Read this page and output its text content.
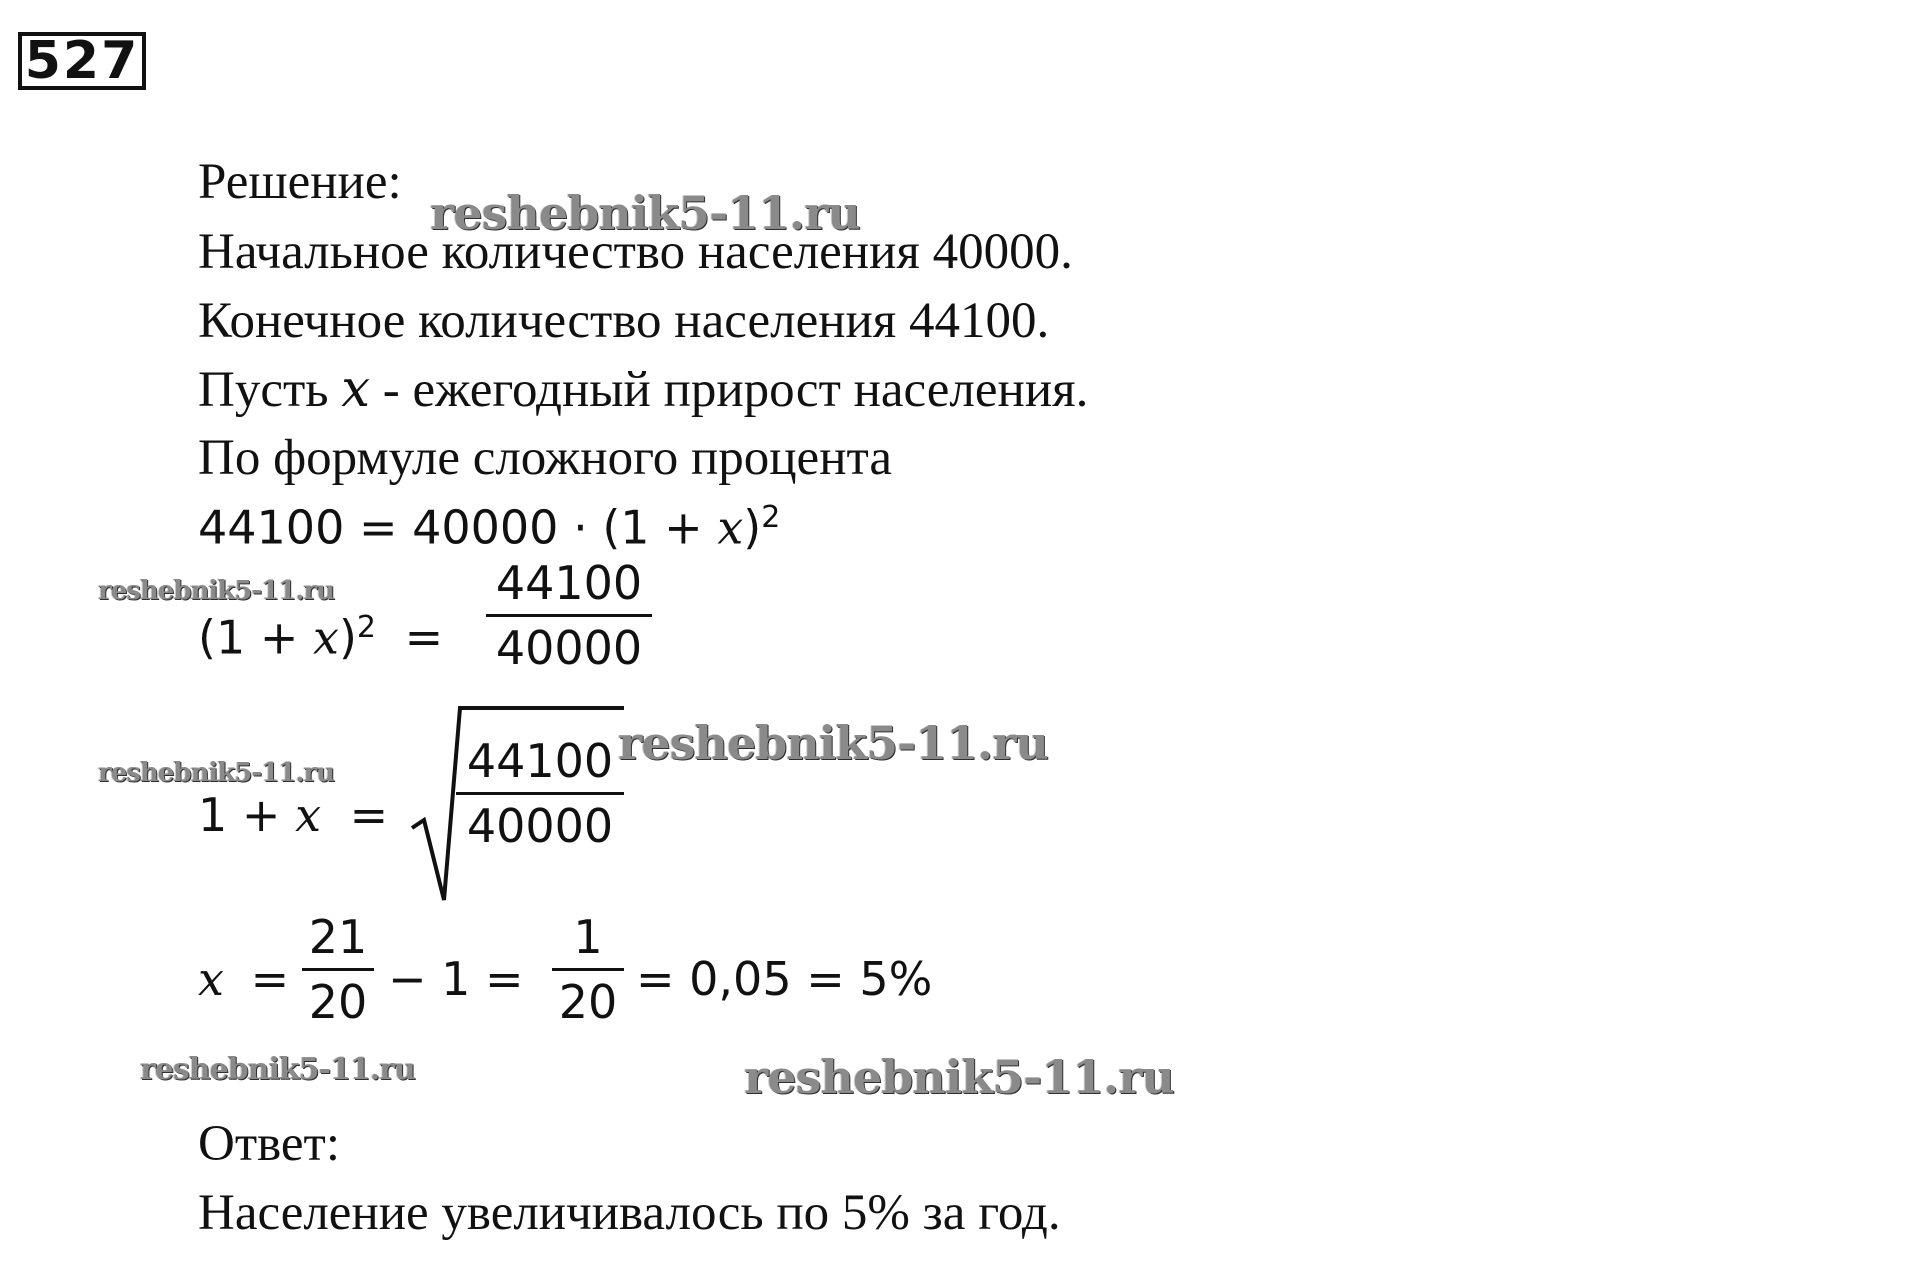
527
Решение:
Начальное количество населения 40000.
Конечное количество населения 44100.
Пусть x - ежегодный прирост населения.
По формуле сложного процента
$44100 = 40000 \cdot (1 + x)^2$
$(1 + x)^2$ =
44100
40000
1 + x =
44100
40000
x =
21
20 − 1 =
1
20 = 0,05 = 5%
Ответ:
Население увеличивалось по 5% за год.
reshebnik5-11.ru
reshebnik5-11.ru
reshebnik5-11.ru
reshebnik5-11.ru
reshebnik5-11.ru	reshebnik5-11.ru
